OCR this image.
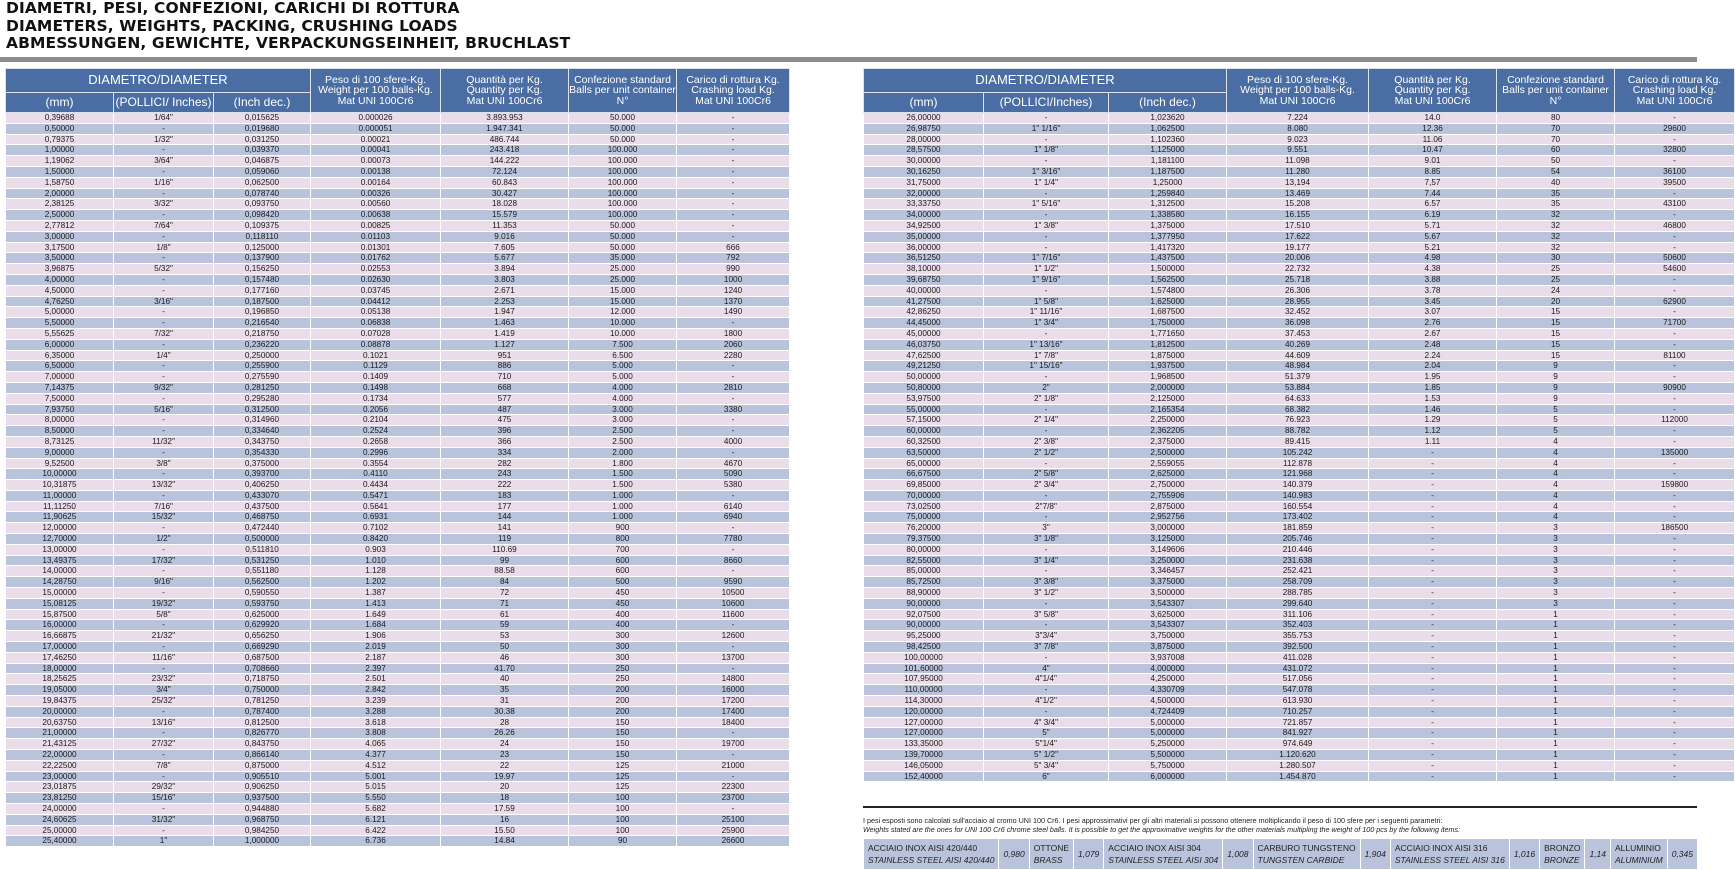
DIAMETRI, PESI, CONFEZIONI, CARICHI DI ROTTURA
DIAMETERS, WEIGHTS, PACKING, CRUSHING LOADS
ABMESSUNGEN, GEWICHTE, VERPACKUNGSEINHEIT, BRUCHLAST
DIAMETRO/DIAMETER			Peso di 100 sfere-Kg.
Weight per 100 balls-Kg.
Mat UNI 100Cr6	Quantità per Kg.
Quantity per Kg.
Mat UNI 100Cr6	Confezione standard
Balls per unit container
N°	Carico di rottura Kg.
Crashing load Kg.
Mat UNI 100Cr6
(mm)	(POLLICI/ Inches)	(Inch dec.)				
0,39688	1/64"	0,015625	0.000026	3.893.953	50.000	-
0,50000	-	0,019680	0.000051	1.947.341	50.000	-
0,79375	1/32"	0,031250	0.00021	486.744	50.000	-
1,00000	-	0,039370	0.00041	243.418	100.000	-
1,19062	3/64"	0,046875	0.00073	144.222	100.000	-
1,50000	-	0,059060	0.00138	72.124	100.000	-
1,58750	1/16"	0,062500	0.00164	60.843	100.000	-
2,00000	-	0,078740	0.00326	30.427	100.000	-
2,38125	3/32"	0,093750	0.00560	18.028	100.000	-
2,50000	-	0,098420	0.00638	15.579	100.000	-
2,77812	7/64"	0,109375	0.00825	11.353	50.000	-
3,00000	-	0,118110	0.01103	9.016	50.000	-
3,17500	1/8"	0,125000	0.01301	7.605	50.000	666
3,50000	-	0,137900	0.01762	5.677	35.000	792
3,96875	5/32"	0,156250	0.02553	3.894	25.000	990
4,00000	-	0,157480	0.02630	3.803	25.000	1000
4,50000	-	0,177160	0.03745	2.671	15.000	1240
4,76250	3/16"	0,187500	0.04412	2.253	15.000	1370
5,00000	-	0,196850	0.05138	1.947	12.000	1490
5,50000	-	0,216540	0.06838	1.463	10.000	-
5,55625	7/32"	0,218750	0.07028	1.419	10.000	1800
6,00000	-	0,236220	0.08878	1.127	7.500	2060
6,35000	1/4"	0,250000	0.1021	951	6.500	2280
6,50000	-	0,255900	0.1129	886	5.000	-
7,00000	-	0,275590	0.1409	710	5.000	-
7,14375	9/32"	0,281250	0.1498	668	4.000	2810
7,50000	-	0,295280	0.1734	577	4.000	-
7,93750	5/16"	0,312500	0.2056	487	3.000	3380
8,00000	-	0,314960	0.2104	475	3.000	-
8,50000	-	0,334640	0.2524	396	2.500	-
8,73125	11/32"	0,343750	0.2658	366	2.500	4000
9,00000	-	0,354330	0.2996	334	2.000	-
9,52500	3/8"	0,375000	0.3554	282	1.800	4670
10,00000	-	0,393700	0.4110	243	1.500	5090
10,31875	13/32"	0,406250	0.4434	222	1.500	5380
11,00000	-	0,433070	0.5471	183	1.000	-
11,11250	7/16"	0,437500	0.5641	177	1.000	6140
11,90625	15/32"	0,468750	0.6931	144	1.000	6940
12,00000	-	0,472440	0.7102	141	900	-
12,70000	1/2"	0,500000	0.8420	119	800	7780
13,00000	-	0,511810	0.903	110.69	700	-
13,49375	17/32"	0,531250	1.010	99	600	8660
14,00000	-	0,551180	1.128	88.58	600	-
14,28750	9/16"	0,562500	1.202	84	500	9590
15,00000	-	0,590550	1.387	72	450	10500
15,08125	19/32"	0,593750	1.413	71	450	10600
15,87500	5/8"	0,625000	1.649	61	400	11600
16,00000	-	0,629920	1.684	59	400	-
16,66875	21/32"	0,656250	1.906	53	300	12600
17,00000	-	0,669290	2.019	50	300	-
17,46250	11/16"	0,687500	2.187	46	300	13700
18,00000	-	0,708660	2.397	41.70	250	-
18,25625	23/32"	0,718750	2.501	40	250	14800
19,05000	3/4"	0,750000	2.842	35	200	16000
19,84375	25/32"	0,781250	3.239	31	200	17200
20,00000	-	0,787400	3.288	30.38	200	17400
20,63750	13/16"	0,812500	3.618	28	150	18400
21,00000	-	0,826770	3.808	26.26	150	-
21,43125	27/32"	0,843750	4.065	24	150	19700
22,00000	-	0,866140	4.377	23	150	-
22,22500	7/8"	0,875000	4.512	22	125	21000
23,00000	-	0,905510	5.001	19.97	125	-
23,01875	29/32"	0,906250	5.015	20	125	22300
23,81250	15/16"	0,937500	5.550	18	100	23700
24,00000	-	0,944880	5.682	17.59	100	-
24,60625	31/32"	0,968750	6.121	16	100	25100
25,00000	-	0,984250	6.422	15.50	100	25900
25,40000	1"	1,000000	6.736	14.84	90	26600
DIAMETRO/DIAMETER			Peso di 100 sfere-Kg.
Weight per 100 balls-Kg.
Mat UNI 100Cr6	Quantità per Kg.
Quantity per Kg.
Mat UNI 100Cr6	Confezione standard
Balls per unit container
N°	Carico di rottura Kg.
Crashing load Kg.
Mat UNI 100Cr6
(mm)	(POLLICI/Inches)	(Inch dec.)				
26,00000	-	1,023620	7.224	14.0	80	-
26,98750	1" 1/16"	1,062500	8.080	12.36	70	29600
28,00000	-	1,102360	9.023	11.06	70	-
28,57500	1" 1/8"	1,125000	9.551	10.47	60	32800
30,00000	-	1,181100	11.098	9.01	50	-
30,16250	1" 3/16"	1,187500	11.280	8.85	54	36100
31,75000	1" 1/4"	1,25000	13,194	7,57	40	39500
32,00000	-	1,259840	13.469	7.44	35	-
33,33750	1" 5/16"	1,312500	15.208	6.57	35	43100
34,00000	-	1,338580	16.155	6.19	32	-
34,92500	1" 3/8"	1,375000	17.510	5.71	32	46800
35,00000	-	1,377950	17.622	5.67	32	-
36,00000	-	1,417320	19.177	5.21	32	-
36,51250	1" 7/16"	1,437500	20.006	4.98	30	50600
38,10000	1" 1/2"	1,500000	22.732	4.38	25	54600
39,68750	1" 9/16"	1,562500	25.718	3.88	25	-
40,00000	-	1,574800	26.306	3.78	24	-
41,27500	1" 5/8"	1,625000	28.955	3.45	20	62900
42,86250	1" 11/16"	1,687500	32.452	3.07	15	-
44,45000	1" 3/4"	1,750000	36.098	2.76	15	71700
45,00000	-	1,771650	37.453	2.67	15	-
46,03750	1" 13/16"	1,812500	40.269	2.48	15	-
47,62500	1" 7/8"	1,875000	44.609	2.24	15	81100
49,21250	1" 15/16"	1,937500	48.984	2.04	9	-
50,00000	-	1,968500	51.379	1.95	9	-
50,80000	2"	2,000000	53.884	1.85	9	90900
53,97500	2" 1/8"	2,125000	64.633	1.53	9	-
55,00000	-	2,165354	68.382	1.46	5	-
57,15000	2" 1/4"	2,250000	76.923	1.29	5	112000
60,00000	-	2,362205	88.782	1.12	5	-
60,32500	2" 3/8"	2,375000	89.415	1.11	4	-
63,50000	2" 1/2"	2,500000	105.242	-	4	135000
65,00000	-	2,559055	112.878	-	4	-
66,67500	2" 5/8"	2,625000	121.968	-	4	-
69,85000	2" 3/4"	2,750000	140.379	-	4	159800
70,00000	-	2,755906	140.983	-	4	-
73,02500	2"7/8"	2,875000	160.554	-	4	-
75,00000	-	2,952756	173.402	-	4	-
76,20000	3"	3,000000	181.859	-	3	186500
79,37500	3" 1/8"	3,125000	205.746	-	3	-
80,00000	-	3,149606	210.446	-	3	-
82,55000	3" 1/4"	3,250000	231.638	-	3	-
85,00000	-	3,346457	252.421	-	3	-
85,72500	3" 3/8"	3,375000	258.709	-	3	-
88,90000	3" 1/2"	3,500000	288.785	-	3	-
90,00000	-	3,543307	299.640	-	3	-
92,07500	3" 5/8"	3,625000	311.106	-	1	-
90,00000	-	3,543307	352.403	-	1	-
95,25000	3"3/4"	3,750000	355.753	-	1	-
98,42500	3" 7/8"	3,875000	392.500	-	1	-
100,00000	-	3,937008	411.028	-	1	-
101,60000	4"	4,000000	431.072	-	1	-
107,95000	4"1/4"	4,250000	517.056	-	1	-
110,00000	-	4,330709	547.078	-	1	-
114,30000	4"1/2"	4,500000	613.930	-	1	-
120,00000	-	4,724409	710.257	-	1	-
127,00000	4" 3/4"	5,000000	721.857	-	1	-
127,00000	5"	5,000000	841.927	-	1	-
133,35000	5"1/4"	5,250000	974.649	-	1	-
139,70000	5" 1/2"	5,500000	1.120.620	-	1	-
146,05000	5" 3/4"	5,750000	1.280.507	-	1	-
152,40000	6"	6,000000	1.454.870	-	1	-
I pesi esposti sono calcolati sull'acciaio al cromo UNI 100 Cr6. I pesi approssimativi per gli altri materiali si possono ottenere moltiplicando il peso di 100 sfere per i seguenti parametri:
Weights stated are the ones for UNI 100 Cr6 chrome steel balls. It is possible to get the approximative weights for the other materials multipling the weight of 100 pcs by the following items:
ACCIAIO INOX AISI 420/440
STAINLESS STEEL AISI 420/440
	0,980	
OTTONE
BRASS
	1,079	
ACCIAIO INOX AISI 304
STAINLESS STEEL AISI 304
	1,008	
CARBURO TUNGSTENO
TUNGSTEN CARBIDE
	1,904	
ACCIAIO INOX AISI 316
STAINLESS STEEL AISI 316
	1,016	
BRONZO
BRONZE
	1,14	
ALLUMINIO
ALUMINIUM
	0,345
